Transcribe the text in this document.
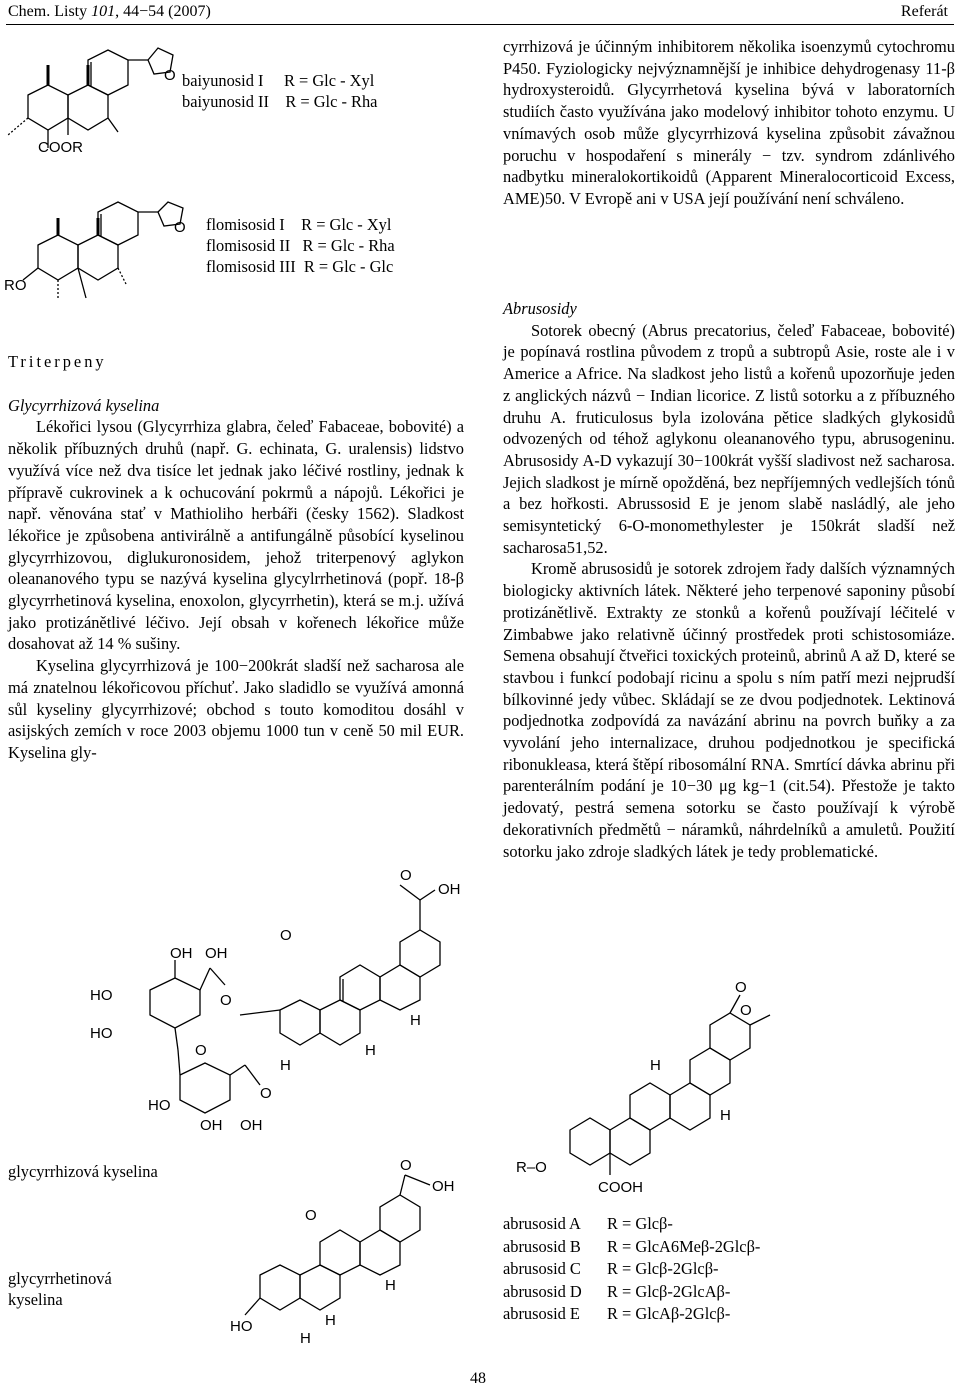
Chem. Listy 101, 44−54 (2007)	Referát
O
COOR

baiyunosid I     R = Glc - Xyl

baiyunosid II    R = Glc - Rha

O
RO

flomisosid I    R = Glc - Xyl

flomisosid II   R = Glc - Rha

flomisosid III  R = Glc - Glc

Triterpeny

Glycyrrhizová kyselina

Lékořici lysou (Glycyrrhiza glabra, čeleď Fabaceae, bobovité) a několik příbuzných druhů (např. G. echinata, G. uralensis) lidstvo využívá více než dva tisíce let jednak jako léčivé rostliny, jednak k přípravě cukrovinek a k ochucování pokrmů a nápojů. Lékořici je např. věnována stať v Mathioliho herbáři (česky 1562). Sladkost lékořice je způsobena antivirálně a antifungálně působící kyselinou glycyrrhizovou, diglukuronosidem, jehož triterpenový aglykon oleananového typu se nazývá kyselina glycylrrhetinová (popř. 18-β glycyrrhetinová kyselina, enoxolon, glycyrrhetin), která se m.j. užívá jako protizánětlivé léčivo. Její obsah v kořenech lékořice může dosahovat až 14 % sušiny.

Kyselina glycyrrhizová je 100−200krát sladší než sacharosa ale má znatelnou lékořicovou příchuť. Jako sladidlo se využívá amonná sůl kyseliny glycyrrhizové; obchod s touto komoditou dosáhl v asijských zemích v roce 2003 objemu 1000 tun v ceně 50 mil EUR. Kyselina gly-

cyrrhizová je účinným inhibitorem několika isoenzymů cytochromu P450. Fyziologicky nejvýznamnější je inhibice dehydrogenasy 11-β hydroxysteroidů. Glycyrrhetová kyselina bývá v laboratorních studiích často využívána jako modelový inhibitor tohoto enzymu. U vnímavých osob může glycyrrhizová kyselina způsobit závažnou poruchu v hospodaření s minerály − tzv. syndrom zdánlivého nadbytku mineralokortikoidů (Apparent Mineralocorticoid Excess, AME)50. V Evropě ani v USA její používání není schváleno.

Abrusosidy

Sotorek obecný (Abrus precatorius, čeleď Fabaceae, bobovité) je popínavá rostlina původem z tropů a subtropů Asie, roste ale i v Americe a Africe. Na sladkost jeho listů a kořenů upozorňuje jeden z anglických názvů − Indian licorice. Z listů sotorku a z příbuzného druhu A. fruticulosus byla izolována pětice sladkých glykosidů odvozených od téhož aglykonu oleananového typu, abrusogeninu. Abrusosidy A-D vykazují 30−100krát vyšší sladivost než sacharosa. Jejich sladkost je mírně opožděná, bez nepříjemných vedlejších tónů a bez hořkosti. Abrussosid E je jenom slabě nasládlý, ale jeho semisyntetický 6-O-monomethylester je 150krát sladší než sacharosa51,52.

Kromě abrusosidů je sotorek zdrojem řady dalších významných biologicky aktivních látek. Některé jeho terpenové saponiny působí protizánětlivě. Extrakty ze stonků a kořenů používají léčitelé v Zimbabwe jako relativně účinný prostředek proti schistosomiáze. Semena obsahují čtveřici toxických proteinů, abrinů A až D, které se stavbou i funkcí podobají ricinu a spolu s ním patří mezi nejprudší bílkovinné jedy vůbec. Skládají se ze dvou podjednotek. Lektinová podjednotka zodpovídá za navázání abrinu na povrch buňky a za vyvolání jeho internalizace, druhou podjednotkou je specifická ribonukleasa, která štěpí ribosomální RNA. Smrtící dávka abrinu při parenterálním podání je 10−30 μg kg−1 (cit.54). Přestože je takto jedovatý, pestrá semena sotorku se často používají k výrobě dekorativních předmětů − náramků, náhrdelníků a amuletů. Použití sotorku jako zdroje sladkých látek je tedy problematické.

O
OH
O
H
H
H
OH OH
HO
HO
O
O
HO
OH OH
O
glycyrrhizová kyselina

glycyrrhetinová kyselina

O
OH
O
H
H
H
HO
O
O
H
H
R–O
COOH
abrusosid A R = Glcβ-
abrusosid B R = GlcA6Meβ-2Glcβ-
abrusosid C R = Glcβ-2Glcβ-
abrusosid D R = Glcβ-2GlcAβ-
abrusosid E R = GlcAβ-2Glcβ-
48
